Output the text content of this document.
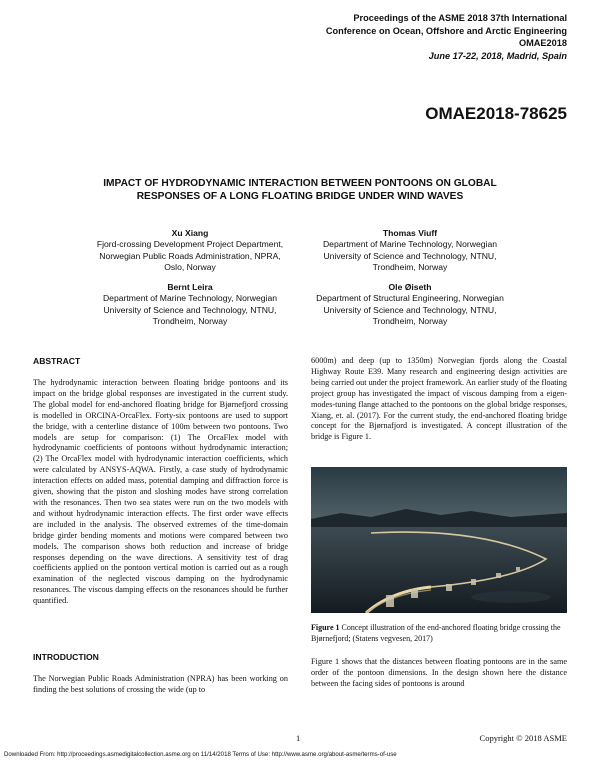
Proceedings of the ASME 2018 37th International
Conference on Ocean, Offshore and Arctic Engineering
OMAE2018
June 17-22, 2018, Madrid, Spain
OMAE2018-78625
IMPACT OF HYDRODYNAMIC INTERACTION BETWEEN PONTOONS ON GLOBAL
RESPONSES OF A LONG FLOATING BRIDGE UNDER WIND WAVES
Xu Xiang
Fjord-crossing Development Project Department,
Norwegian Public Roads Administration, NPRA,
Oslo, Norway
Thomas Viuff
Department of Marine Technology, Norwegian
University of Science and Technology, NTNU,
Trondheim, Norway
Bernt Leira
Department of Marine Technology, Norwegian
University of Science and Technology, NTNU,
Trondheim, Norway
Ole Øiseth
Department of Structural Engineering, Norwegian
University of Science and Technology, NTNU,
Trondheim, Norway
ABSTRACT
The hydrodynamic interaction between floating bridge pontoons and its impact on the bridge global responses are investigated in the current study. The global model for end-anchored floating bridge for Bjørnefjord crossing is modelled in ORCINA-OrcaFlex. Forty-six pontoons are used to support the bridge, with a centerline distance of 100m between two pontoons. Two models are setup for comparison: (1) The OrcaFlex model with hydrodynamic coefficients of pontoons without hydrodynamic interaction; (2) The OrcaFlex model with hydrodynamic interaction coefficients, which were calculated by ANSYS-AQWA. Firstly, a case study of hydrodynamic interaction effects on added mass, potential damping and diffraction force is given, showing that the piston and sloshing modes have strong correlation with the resonances. Then two sea states were run on the two models with and without hydrodynamic interaction effects. The first order wave effects are included in the analysis. The observed extremes of the time-domain bridge girder bending moments and motions were compared between two models. The comparison shows both reduction and increase of bridge responses depending on the wave directions. A sensitivity test of drag coefficients applied on the pontoon vertical motion is carried out as a rough examination of the neglected viscous damping on the hydrodynamic resonances. The viscous damping effects on the resonances should be further quantified.
INTRODUCTION
The Norwegian Public Roads Administration (NPRA) has been working on finding the best solutions of crossing the wide (up to
6000m) and deep (up to 1350m) Norwegian fjords along the Coastal Highway Route E39. Many research and engineering design activities are being carried out under the project framework. An earlier study of the floating project group has investigated the impact of viscous damping from a eigen-modes-tuning flange attached to the pontoons on the global bridge responses, Xiang, et. al. (2017). For the current study, the end-anchored floating bridge concept for the Bjørnafjord is investigated. A concept illustration of the bridge is Figure 1.
Figure 1 Concept illustration of the end-anchored floating bridge crossing the Bjørnefjord; (Statens vegvesen, 2017)
Figure 1 shows that the distances between floating pontoons are in the same order of the pontoon dimensions. In the design shown here the distance between the facing sides of pontoons is around
1	Copyright © 2018 ASME
Downloaded From: http://proceedings.asmedigitalcollection.asme.org on 11/14/2018 Terms of Use: http://www.asme.org/about-asme/terms-of-use
